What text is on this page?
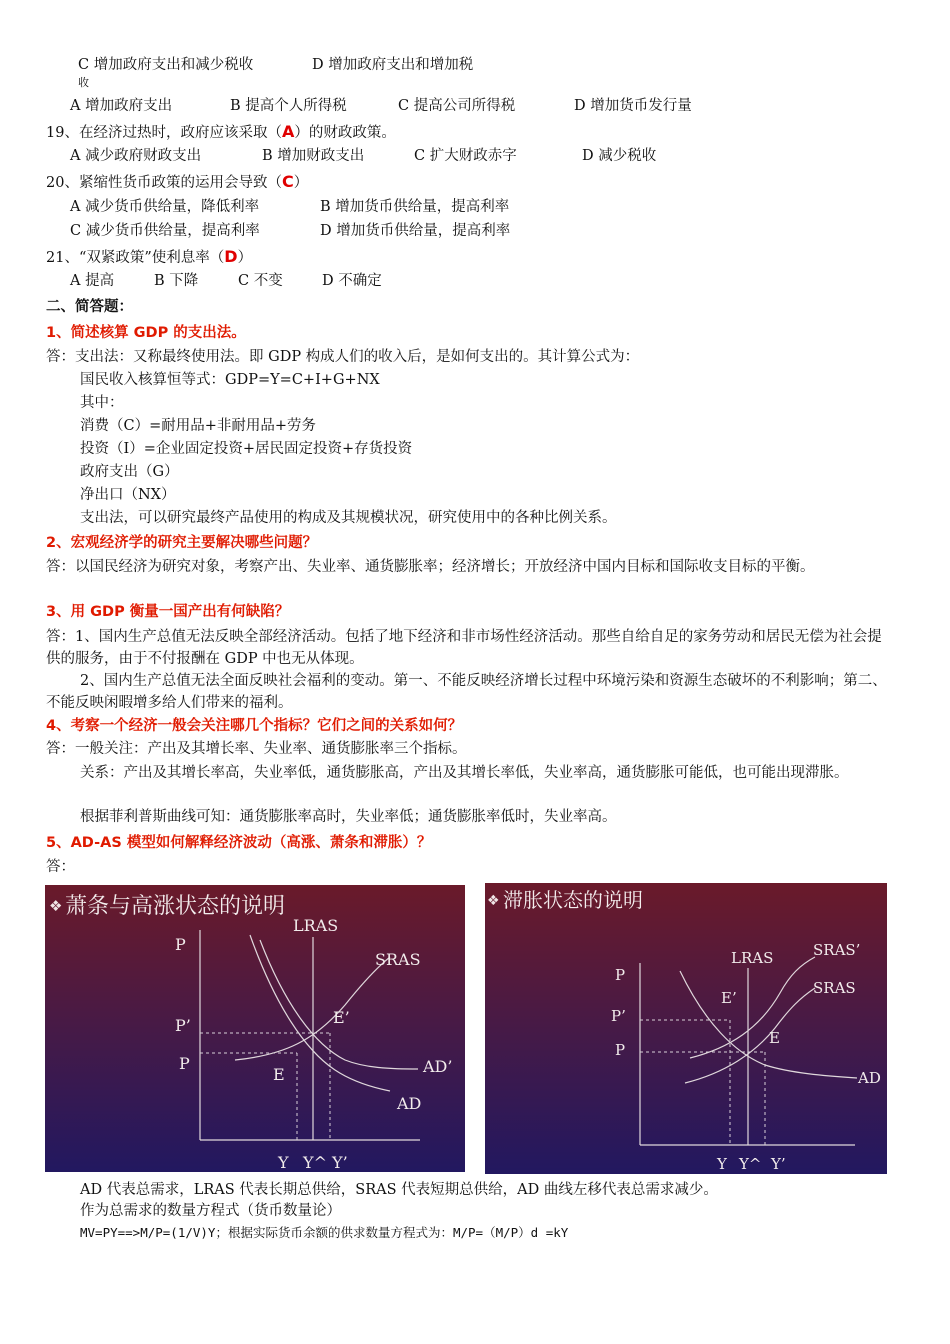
C 增加政府支出和减少税收	D 增加政府支出和增加税
收
A 增加政府支出	B 提高个人所得税	C 提高公司所得税	D 增加货币发行量
19、在经济过热时，政府应该采取（A）的财政政策。
A 减少政府财政支出	B 增加财政支出	C 扩大财政赤字	D 减少税收
20、紧缩性货币政策的运用会导致（C）
A 减少货币供给量，降低利率	B 增加货币供给量，提高利率
C 减少货币供给量，提高利率	D 增加货币供给量，提高利率
21、“双紧政策”使利息率（D）
A 提高	B 下降	C 不变	D 不确定
二、简答题：
1、简述核算 GDP 的支出法。
答：支出法：又称最终使用法。即 GDP 构成人们的收入后，是如何支出的。其计算公式为：
国民收入核算恒等式：GDP=Y=C+I+G+NX
其中：
消费（C）=耐用品+非耐用品+劳务
投资（I）=企业固定投资+居民固定投资+存货投资
政府支出（G）
净出口（NX）
支出法，可以研究最终产品使用的构成及其规模状况，研究使用中的各种比例关系。
2、宏观经济学的研究主要解决哪些问题？
答：以国民经济为研究对象，考察产出、失业率、通货膨胀率；经济增长；开放经济中国内目标和国际收支目标的平衡。
3、用 GDP 衡量一国产出有何缺陷？
答：1、国内生产总值无法反映全部经济活动。包括了地下经济和非市场性经济活动。那些自给自足的家务劳动和居民无偿为社会提供的服务，由于不付报酬在 GDP 中也无从体现。
2、国内生产总值无法全面反映社会福利的变动。第一、不能反映经济增长过程中环境污染和资源生态破坏的不利影响；第二、不能反映闲暇增多给人们带来的福利。
4、考察一个经济一般会关注哪几个指标？它们之间的关系如何？
答：一般关注：产出及其增长率、失业率、通货膨胀率三个指标。
关系：产出及其增长率高，失业率低，通货膨胀高，产出及其增长率低，失业率高，通货膨胀可能低，也可能出现滞胀。
根据菲利普斯曲线可知：通货膨胀率高时，失业率低；通货膨胀率低时，失业率高。
5、AD-AS 模型如何解释经济波动（高涨、萧条和滞胀）？
答：
❖ 萧条与高涨状态的说明
P
P’
P
LRAS
SRAS
E’
E	AD’
AD
Y Y^ Y’
❖ 滞胀状态的说明
P
P’
P
LRAS	SRAS’
SRAS
E’
E
AD
Y Y^ Y’
AD 代表总需求，LRAS 代表长期总供给，SRAS 代表短期总供给，AD 曲线左移代表总需求减少。
作为总需求的数量方程式（货币数量论）
MV=PY==>M/P=(1/V)Y；根据实际货币余额的供求数量方程式为：M/P=（M/P）d =kY
